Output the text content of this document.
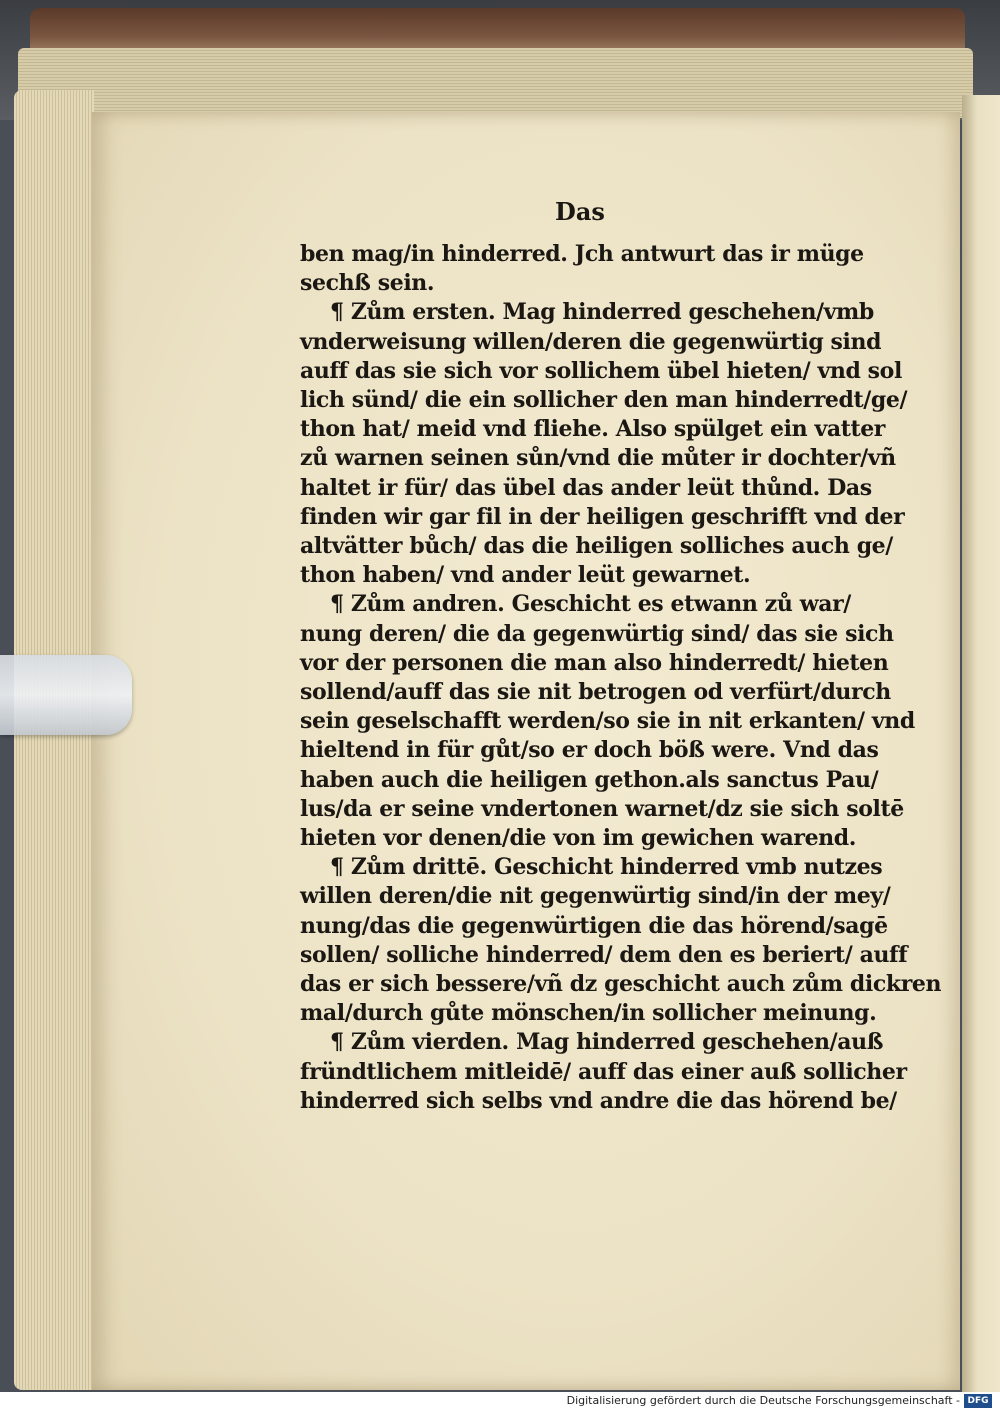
Das
ben mag/in hinderred. Jch antwurt das ir müge
sechß sein.
¶ Zům ersten. Mag hinderred geschehen/vmb
vnderweisung willen/deren die gegenwürtig sind
auff das sie sich vor sollichem übel hieten/ vnd sol
lich sünd/ die ein sollicher den man hinderredt/ge/
thon hat/ meid vnd fliehe. Also spülget ein vatter
zů warnen seinen sůn/vnd die můter ir dochter/vñ
haltet ir für/ das übel das ander leüt thůnd. Das
finden wir gar fil in der heiligen geschrifft vnd der
altvätter bůch/ das die heiligen solliches auch ge/
thon haben/ vnd ander leüt gewarnet.
¶ Zům andren. Geschicht es etwann zů war/
nung deren/ die da gegenwürtig sind/ das sie sich
vor der personen die man also hinderredt/ hieten
sollend/auff das sie nit betrogen od verfürt/durch
sein geselschafft werden/so sie in nit erkanten/ vnd
hieltend in für gůt/so er doch böß were. Vnd das
haben auch die heiligen gethon.als sanctus Pau/
lus/da er seine vndertonen warnet/dz sie sich soltē
hieten vor denen/die von im gewichen warend.
¶ Zům drittē. Geschicht hinderred vmb nutzes
willen deren/die nit gegenwürtig sind/in der mey/
nung/das die gegenwürtigen die das hörend/sagē
sollen/ solliche hinderred/ dem den es beriert/ auff
das er sich bessere/vñ dz geschicht auch zům dickren
mal/durch gůte mönschen/in sollicher meinung.
¶ Zům vierden. Mag hinderred geschehen/auß
fründtlichem mitleidē/ auff das einer auß sollicher
hinderred sich selbs vnd andre die das hörend be/
Digitalisierung gefördert durch die Deutsche Forschungsgemeinschaft - DFG
